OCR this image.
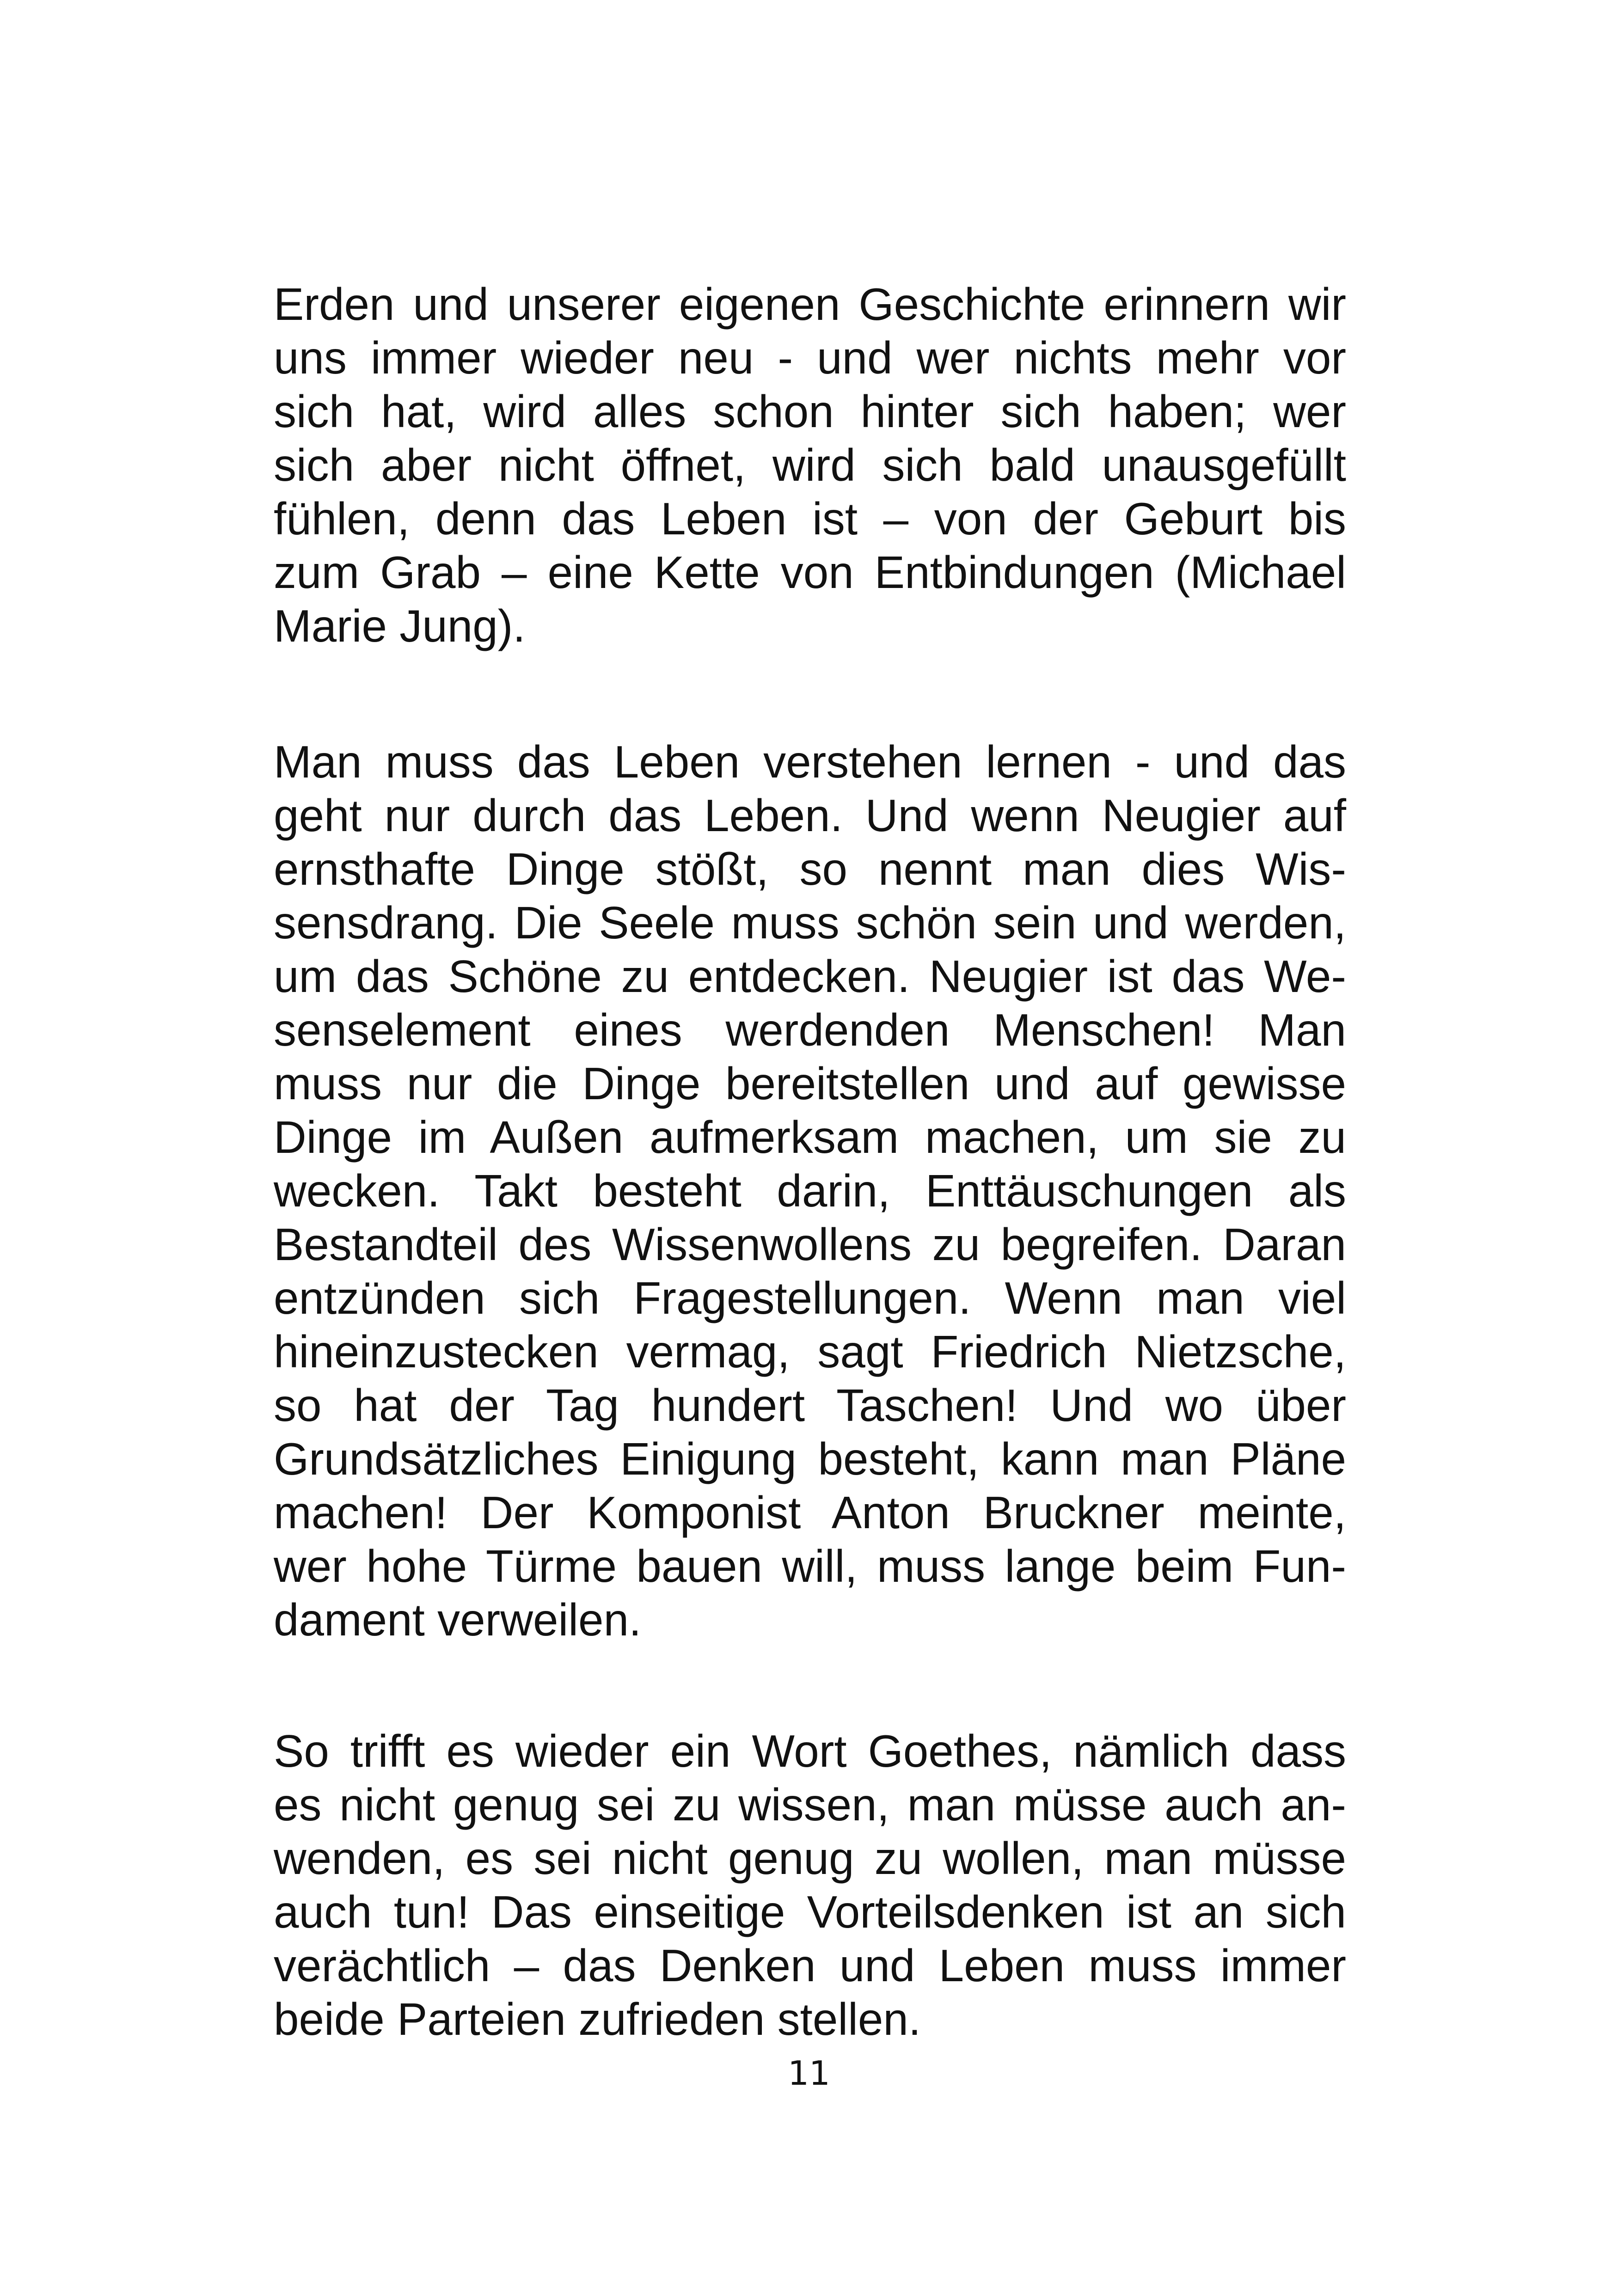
Erden und unserer eigenen Geschichte erinnern wir
uns immer wieder neu - und wer nichts mehr vor
sich hat, wird alles schon hinter sich haben; wer
sich aber nicht öffnet, wird sich bald unausgefüllt
fühlen, denn das Leben ist – von der Geburt bis
zum Grab – eine Kette von Entbindungen (Michael
Marie Jung).
Man muss das Leben verstehen lernen - und das
geht nur durch das Leben. Und wenn Neugier auf
ernsthafte Dinge stößt, so nennt man dies Wis-
sensdrang. Die Seele muss schön sein und werden,
um das Schöne zu entdecken. Neugier ist das We-
senselement eines werdenden Menschen! Man
muss nur die Dinge bereitstellen und auf gewisse
Dinge im Außen aufmerksam machen, um sie zu
wecken. Takt besteht darin, Enttäuschungen als
Bestandteil des Wissenwollens zu begreifen. Daran
entzünden sich Fragestellungen. Wenn man viel
hineinzustecken vermag, sagt Friedrich Nietzsche,
so hat der Tag hundert Taschen! Und wo über
Grundsätzliches Einigung besteht, kann man Pläne
machen! Der Komponist Anton Bruckner meinte,
wer hohe Türme bauen will, muss lange beim Fun-
dament verweilen.
So trifft es wieder ein Wort Goethes, nämlich dass
es nicht genug sei zu wissen, man müsse auch an-
wenden, es sei nicht genug zu wollen, man müsse
auch tun! Das einseitige Vorteilsdenken ist an sich
verächtlich – das Denken und Leben muss immer
beide Parteien zufrieden stellen.
11
